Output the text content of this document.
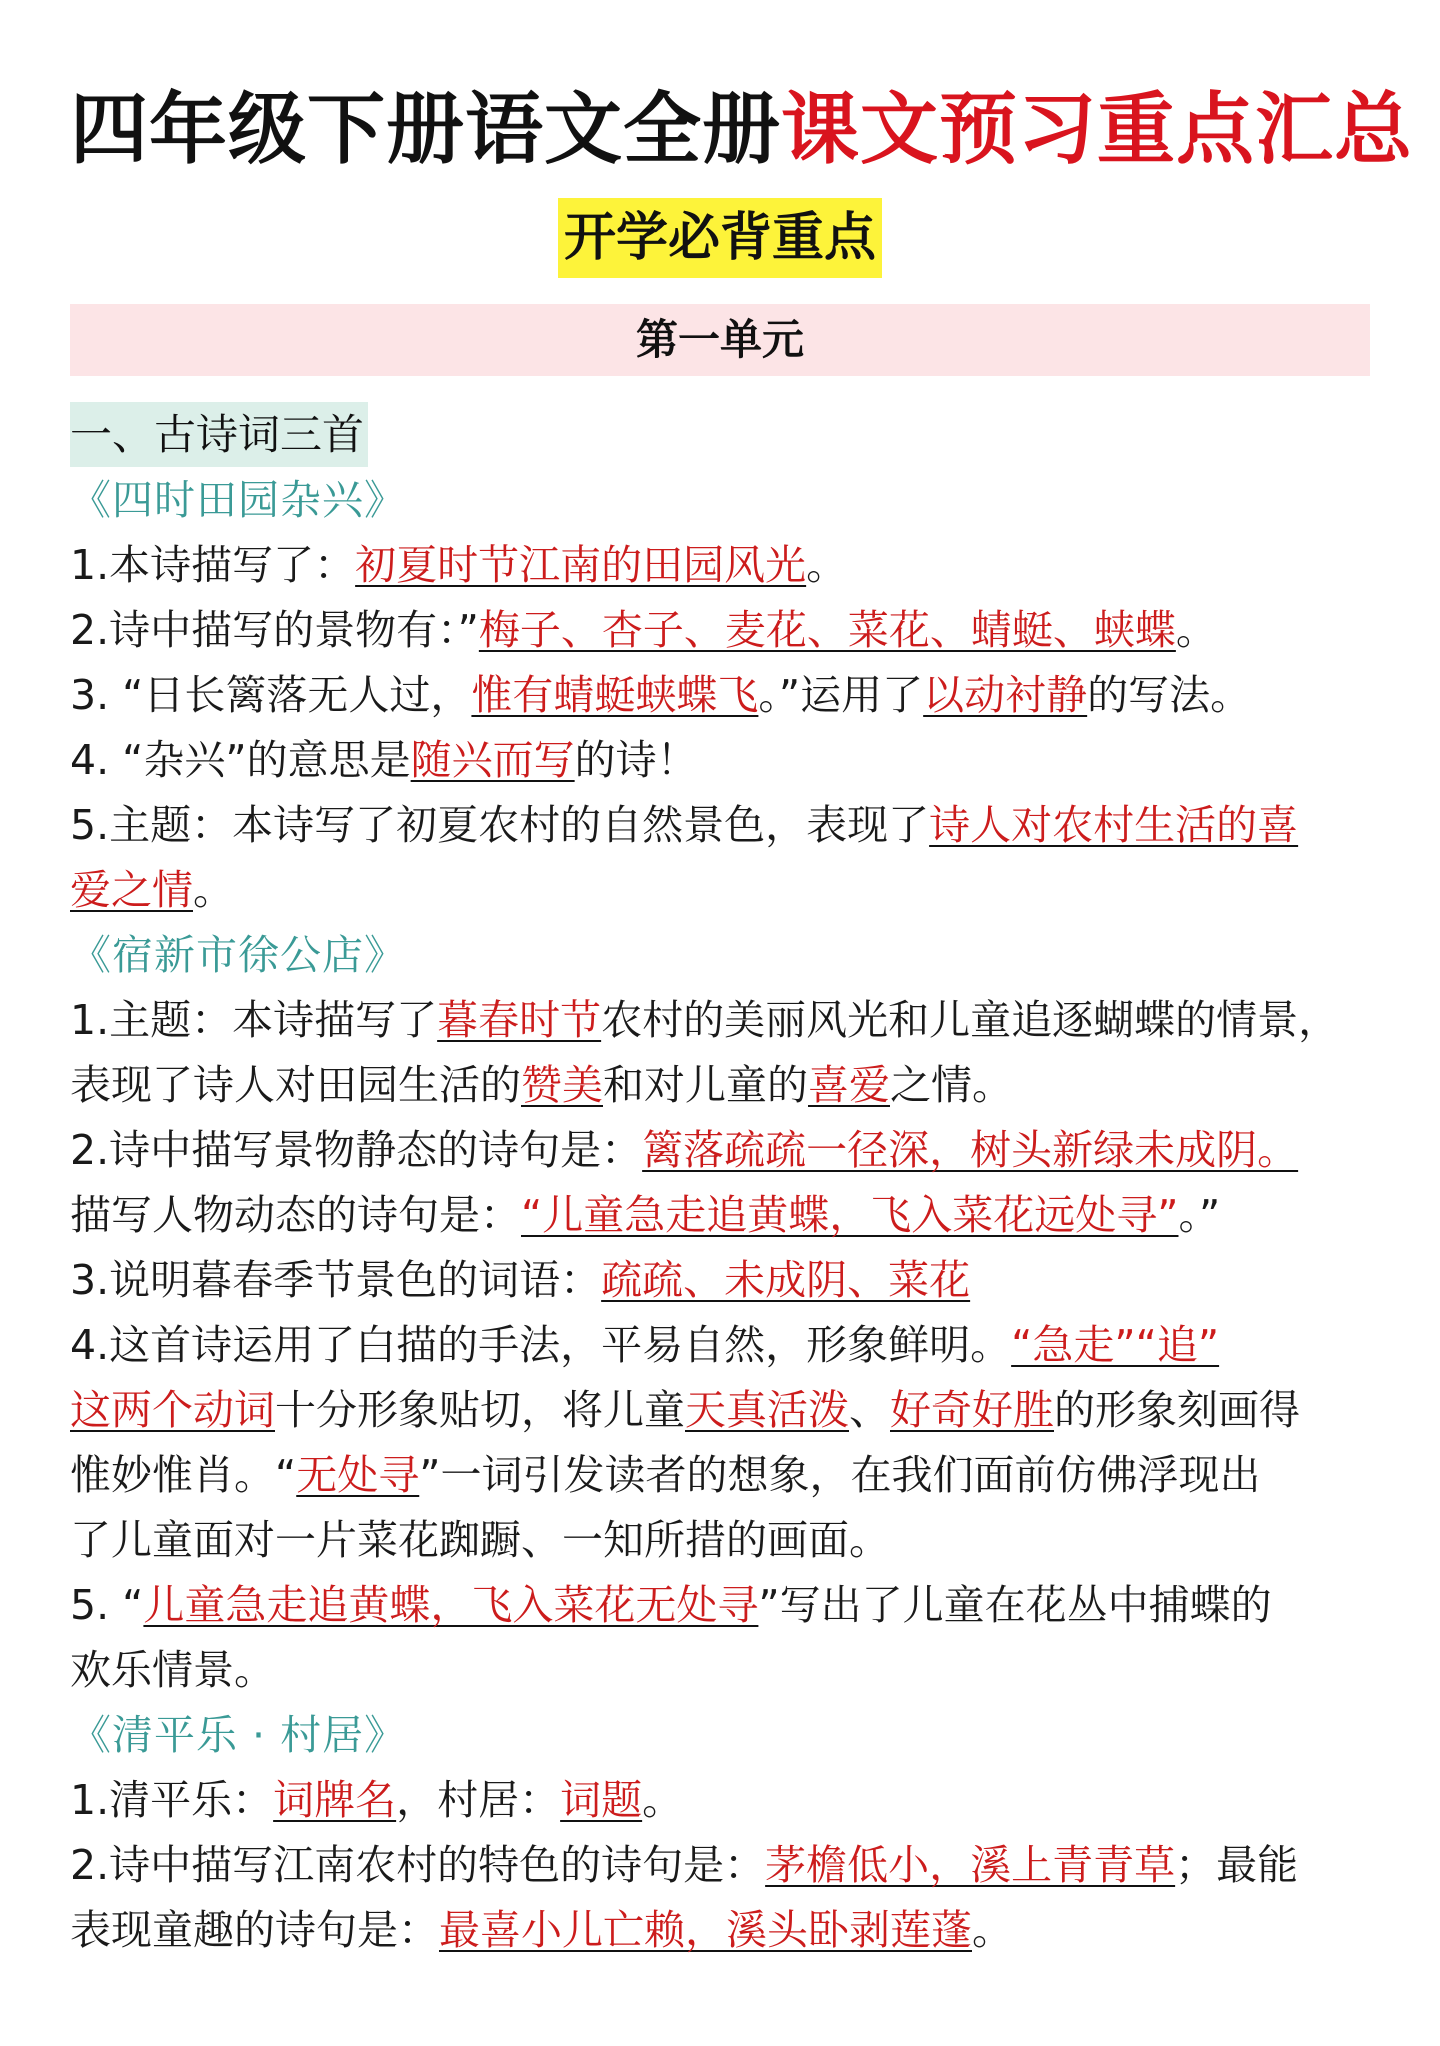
四年级下册语文全册课文预习重点汇总
开学必背重点
第一单元
一、古诗词三首
《四时田园杂兴》
1.本诗描写了：初夏时节江南的田园风光。
2.诗中描写的景物有：”梅子、杏子、麦花、菜花、蜻蜓、蛱蝶。
3. “日长篱落无人过，惟有蜻蜓蛱蝶飞。”运用了以动衬静的写法。
4. “杂兴”的意思是随兴而写的诗！
5.主题：本诗写了初夏农村的自然景色，表现了诗人对农村生活的喜
爱之情。
《宿新市徐公店》
1.主题：本诗描写了暮春时节农村的美丽风光和儿童追逐蝴蝶的情景，
表现了诗人对田园生活的赞美和对儿童的喜爱之情。
2.诗中描写景物静态的诗句是：篱落疏疏一径深，树头新绿未成阴。
描写人物动态的诗句是：“儿童急走追黄蝶，飞入菜花远处寻”。”
3.说明暮春季节景色的词语：疏疏、未成阴、菜花
4.这首诗运用了白描的手法，平易自然，形象鲜明。“急走”“追”
这两个动词十分形象贴切，将儿童天真活泼、好奇好胜的形象刻画得
惟妙惟肖。“无处寻”一词引发读者的想象，在我们面前仿佛浮现出
了儿童面对一片菜花踟蹰、一知所措的画面。
5. “儿童急走追黄蝶，飞入菜花无处寻”写出了儿童在花丛中捕蝶的
欢乐情景。
《清平乐 · 村居》
1.清平乐：词牌名，村居：词题。
2.诗中描写江南农村的特色的诗句是：茅檐低小，溪上青青草；最能
表现童趣的诗句是：最喜小儿亡赖，溪头卧剥莲蓬。
